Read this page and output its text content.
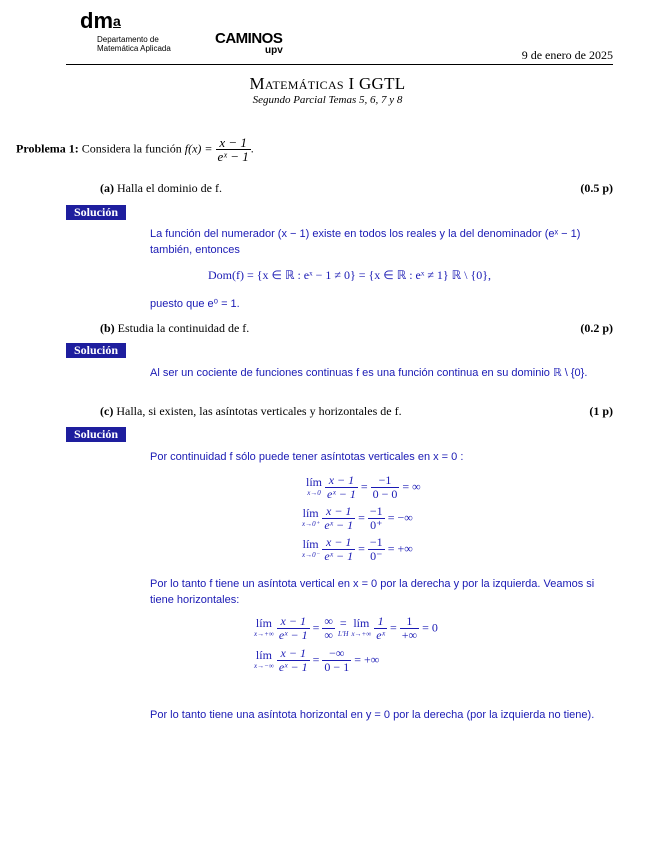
$dm^a$
Departamento de
Matemática Aplicada
CAMINOS
upv	9 de enero de 2025
Matemáticas I GGTL
Segundo Parcial Temas 5, 6, 7 y 8
Problema 1: Considera la función $f(x) = \frac{x - 1}{\text{eˣ − 1}}$ .
(a) Halla el dominio de f.	(0.5 p)
Solución
La función del numerador (x − 1) existe en todos los reales y la del denominador (eˣ − 1) también, entonces
Dom(f) = {x ∈ ℝ : eˣ − 1 ≠ 0} = {x ∈ ℝ : eˣ ≠ 1} ℝ \ {0},
puesto que e⁰ = 1.
(b) Estudia la continuidad de f.	(0.2 p)
Solución
Al ser un cociente de funciones continuas f es una función continua en su dominio ℝ \ {0}.
(c) Halla, si existen, las asíntotas verticales y horizontales de f.	(1 p)
Solución
Por continuidad f sólo puede tener asíntotas verticales en x = 0 :
lím
x→0
$\frac{x - 1}{\text{eˣ − 1}} = \frac{-1}{0 - 0}$ = ∞
lím
x→0⁺
$\frac{x - 1}{\text{eˣ − 1}} = \frac{-1}{0^+}$ = −∞
lím
x→0⁻
$\frac{x - 1}{\text{eˣ − 1}} = \frac{-1}{0^-}$ = +∞
Por lo tanto f tiene un asíntota vertical en x = 0 por la derecha y por la izquierda. Veamos si tiene horizontales:
lím
x→+∞
$\frac{x - 1}{\text{eˣ − 1}} = \frac{\infty}{\infty}$ =
L'H
lím
x→+∞
$\frac{1}{\text{eˣ}} = \frac{1}{+\infty} = 0$
lím
x→−∞
$\frac{x - 1}{\text{eˣ − 1}} = \frac{-\infty}{0 - 1}$ = +∞
Por lo tanto tiene una asíntota horizontal en y = 0 por la derecha (por la izquierda no tiene).
